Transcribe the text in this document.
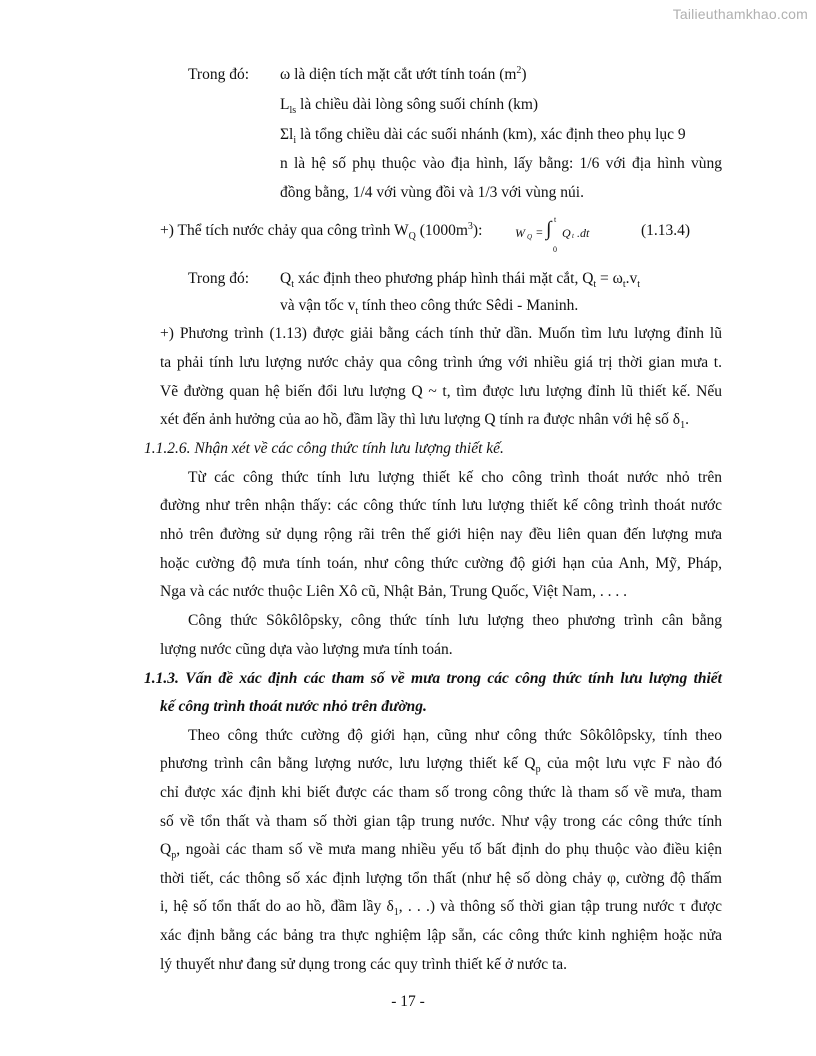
Tailieuthamkhao.com
Trong đó: ω là diện tích mặt cắt ướt tính toán $(m^2)$
$L_{ls}$ là chiều dài lòng sông suối chính (km)
$\Sigma l_i$ là tổng chiều dài các suối nhánh (km), xác định theo phụ lục 9
n là hệ số phụ thuộc vào địa hình, lấy bằng: 1/6 với địa hình vùng
đồng bằng, 1/4 với vùng đồi và 1/3 với vùng núi.
+) Thể tích nước chảy qua công trình $W_Q$ $(1000m^3)$:	W Q = ∫ t
0
Q t .dt	(1.13.4)
Trong đó: $Q_t$ xác định theo phương pháp hình thái mặt cắt, $Q_t = \omega_t.v_t$
và vận tốc $v_t$ tính theo công thức Sêdi - Maninh.
+) Phương trình (1.13) được giải bằng cách tính thử dần. Muốn tìm lưu lượng đỉnh lũ
ta phải tính lưu lượng nước chảy qua công trình ứng với nhiều giá trị thời gian mưa t.
Vẽ đường quan hệ biến đổi lưu lượng Q ~ t, tìm được lưu lượng đỉnh lũ thiết kế. Nếu
xét đến ảnh hưởng của ao hồ, đầm lầy thì lưu lượng Q tính ra được nhân với hệ số $\delta_1$.
1.1.2.6. Nhận xét về các công thức tính lưu lượng thiết kế.
Từ các công thức tính lưu lượng thiết kế cho công trình thoát nước nhỏ trên
đường như trên nhận thấy: các công thức tính lưu lượng thiết kế công trình thoát nước
nhỏ trên đường sử dụng rộng rãi trên thế giới hiện nay đều liên quan đến lượng mưa
hoặc cường độ mưa tính toán, như công thức cường độ giới hạn của Anh, Mỹ, Pháp,
Nga và các nước thuộc Liên Xô cũ, Nhật Bản, Trung Quốc, Việt Nam, . . . .
Công thức Sôkôlôpsky, công thức tính lưu lượng theo phương trình cân bằng
lượng nước cũng dựa vào lượng mưa tính toán.
1.1.3. Vấn đề xác định các tham số về mưa trong các công thức tính lưu lượng thiết
kế công trình thoát nước nhỏ trên đường.
Theo công thức cường độ giới hạn, cũng như công thức Sôkôlôpsky, tính theo
phương trình cân bằng lượng nước, lưu lượng thiết kế $Q_p$ của một lưu vực F nào đó
chỉ được xác định khi biết được các tham số trong công thức là tham số về mưa, tham
số về tổn thất và tham số thời gian tập trung nước. Như vậy trong các công thức tính
$Q_p$, ngoài các tham số về mưa mang nhiều yếu tố bất định do phụ thuộc vào điều kiện
thời tiết, các thông số xác định lượng tổn thất (như hệ số dòng chảy φ, cường độ thấm
i, hệ số tổn thất do ao hồ, đầm lầy $\delta_1$, . . .) và thông số thời gian tập trung nước τ được
xác định bằng các bảng tra thực nghiệm lập sẵn, các công thức kinh nghiệm hoặc nửa
lý thuyết như đang sử dụng trong các quy trình thiết kế ở nước ta.
- 17 -
